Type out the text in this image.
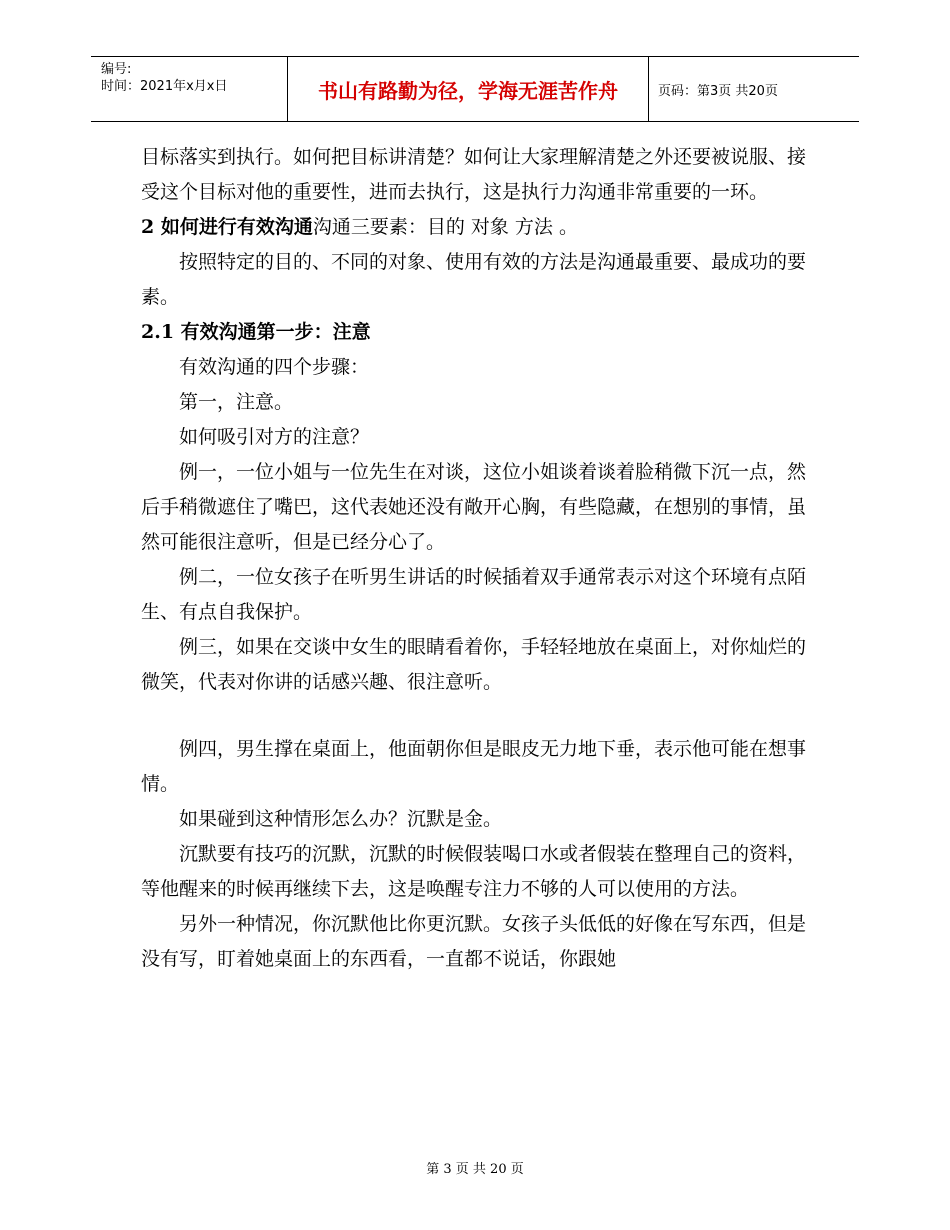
编号:
时间：2021年x月x日	书山有路勤为径，学海无涯苦作舟	页码：第3页 共20页

目标落实到执行。如何把目标讲清楚？如何让大家理解清楚之外还要被说服、接受这个目标对他的重要性，进而去执行，这是执行力沟通非常重要的一环。

2 如何进行有效沟通沟通三要素：目的 对象 方法 。

按照特定的目的、不同的对象、使用有效的方法是沟通最重要、最成功的要素。

2.1 有效沟通第一步：注意

有效沟通的四个步骤：

第一，注意。

如何吸引对方的注意？

例一，一位小姐与一位先生在对谈，这位小姐谈着谈着脸稍微下沉一点，然后手稍微遮住了嘴巴，这代表她还没有敞开心胸，有些隐藏，在想别的事情，虽然可能很注意听，但是已经分心了。

例二，一位女孩子在听男生讲话的时候插着双手通常表示对这个环境有点陌生、有点自我保护。

例三，如果在交谈中女生的眼睛看着你，手轻轻地放在桌面上，对你灿烂的微笑，代表对你讲的话感兴趣、很注意听。

例四，男生撑在桌面上，他面朝你但是眼皮无力地下垂，表示他可能在想事情。

如果碰到这种情形怎么办？沉默是金。

沉默要有技巧的沉默，沉默的时候假装喝口水或者假装在整理自己的资料，等他醒来的时候再继续下去，这是唤醒专注力不够的人可以使用的方法。

另外一种情况，你沉默他比你更沉默。女孩子头低低的好像在写东西，但是没有写，盯着她桌面上的东西看，一直都不说话，你跟她

第 3 页 共 20 页
